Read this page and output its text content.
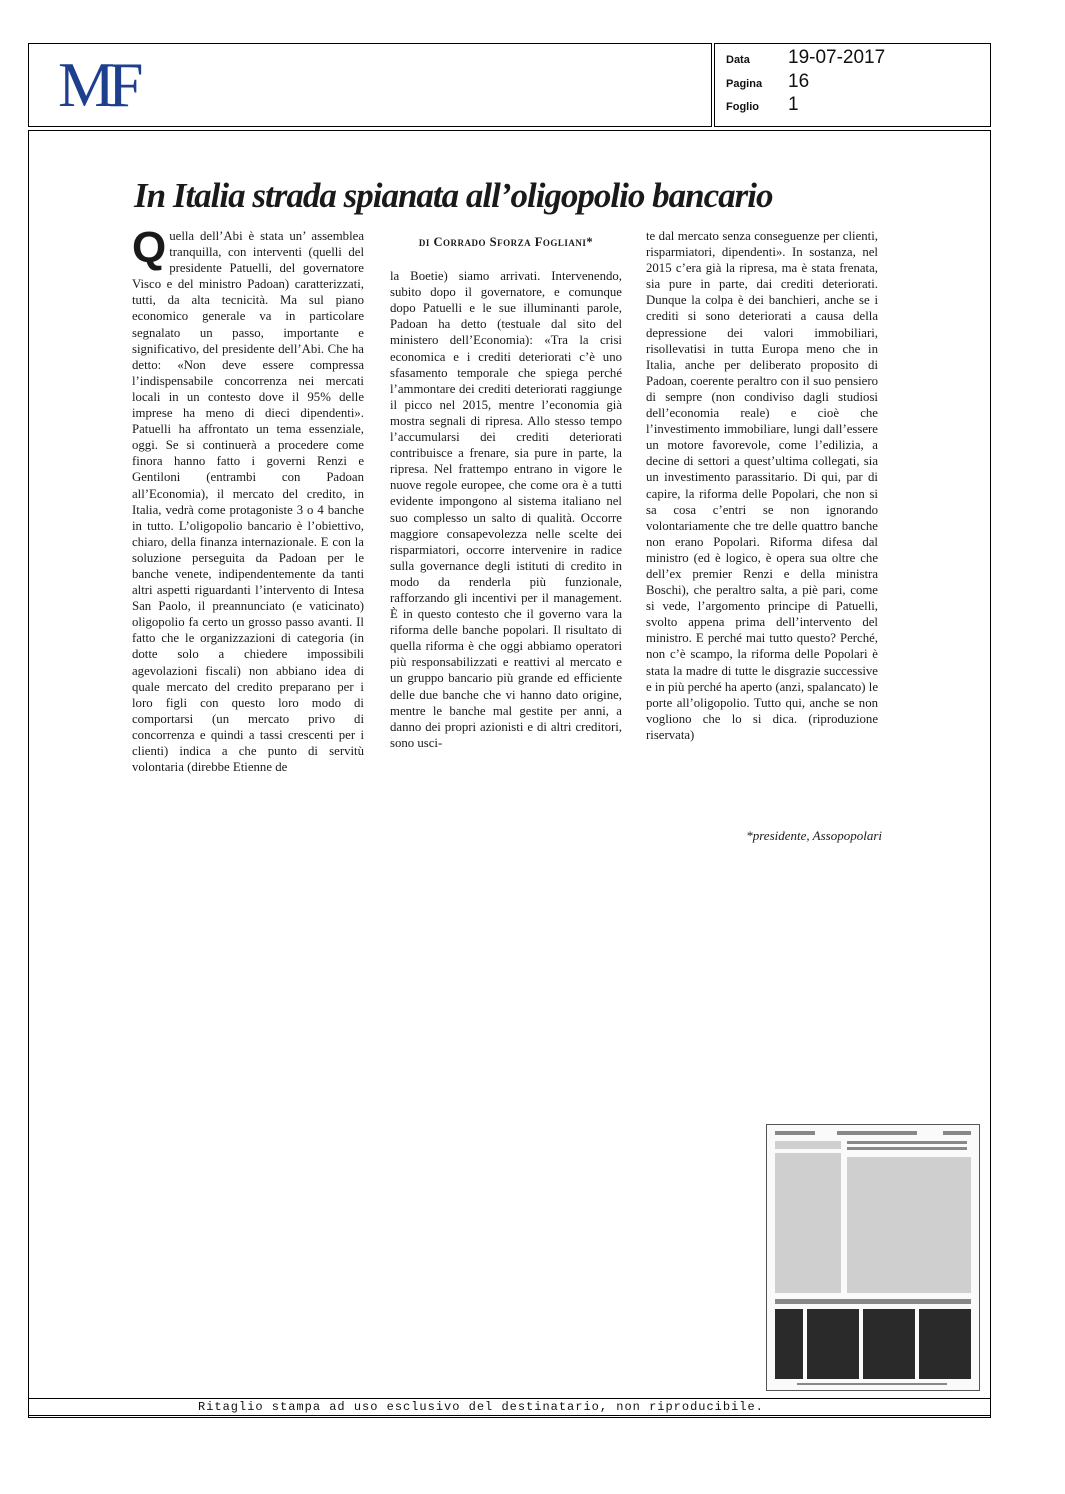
MF	Data 19-07-2017
Pagina 16
Foglio 1
In Italia strada spianata all’oligopolio bancario
Quella dell’Abi è stata un’ assemblea tranquilla, con interventi (quelli del presidente Patuelli, del governatore Visco e del ministro Padoan) caratterizzati, tutti, da alta tecnicità. Ma sul piano economico generale va in particolare segnalato un passo, importante e significativo, del presidente dell’Abi. Che ha detto: «Non deve essere compressa l’indispensabile concorrenza nei mercati locali in un contesto dove il 95% delle imprese ha meno di dieci dipendenti». Patuelli ha affrontato un tema essenziale, oggi. Se si continuerà a procedere come finora hanno fatto i governi Renzi e Gentiloni (entrambi con Padoan all’Economia), il mercato del credito, in Italia, vedrà come protagoniste 3 o 4 banche in tutto. L’oligopolio bancario è l’obiettivo, chiaro, della finanza internazionale. E con la soluzione perseguita da Padoan per le banche venete, indipendentemente da tanti altri aspetti riguardanti l’intervento di Intesa San Paolo, il preannunciato (e vaticinato) oligopolio fa certo un grosso passo avanti. Il fatto che le organizzazioni di categoria (in dotte solo a chiedere impossibili agevolazioni fiscali) non abbiano idea di quale mercato del credito preparano per i loro figli con questo loro modo di comportarsi (un mercato privo di concorrenza e quindi a tassi crescenti per i clienti) indica a che punto di servitù volontaria (direbbe Etienne de
di Corrado Sforza Fogliani*
la Boetie) siamo arrivati. Intervenendo, subito dopo il governatore, e comunque dopo Patuelli e le sue illuminanti parole, Padoan ha detto (testuale dal sito del ministero dell’Economia): «Tra la crisi economica e i crediti deteriorati c’è uno sfasamento temporale che spiega perché l’ammontare dei crediti deteriorati raggiunge il picco nel 2015, mentre l’economia già mostra segnali di ripresa. Allo stesso tempo l’accumularsi dei crediti deteriorati contribuisce a frenare, sia pure in parte, la ripresa. Nel frattempo entrano in vigore le nuove regole europee, che come ora è a tutti evidente impongono al sistema italiano nel suo complesso un salto di qualità. Occorre maggiore consapevolezza nelle scelte dei risparmiatori, occorre intervenire in radice sulla governance degli istituti di credito in modo da renderla più funzionale, rafforzando gli incentivi per il management. È in questo contesto che il governo vara la riforma delle banche popolari. Il risultato di quella riforma è che oggi abbiamo operatori più responsabilizzati e reattivi al mercato e un gruppo bancario più grande ed efficiente delle due banche che vi hanno dato origine, mentre le banche mal gestite per anni, a danno dei propri azionisti e di altri creditori, sono usci-
te dal mercato senza conseguenze per clienti, risparmiatori, dipendenti». In sostanza, nel 2015 c’era già la ripresa, ma è stata frenata, sia pure in parte, dai crediti deteriorati. Dunque la colpa è dei banchieri, anche se i crediti si sono deteriorati a causa della depressione dei valori immobiliari, risollevatisi in tutta Europa meno che in Italia, anche per deliberato proposito di Padoan, coerente peraltro con il suo pensiero di sempre (non condiviso dagli studiosi dell’economia reale) e cioè che l’investimento immobiliare, lungi dall’essere un motore favorevole, come l’edilizia, a decine di settori a quest’ultima collegati, sia un investimento parassitario. Di qui, par di capire, la riforma delle Popolari, che non si sa cosa c’entri se non ignorando volontariamente che tre delle quattro banche non erano Popolari. Riforma difesa dal ministro (ed è logico, è opera sua oltre che dell’ex premier Renzi e della ministra Boschi), che peraltro salta, a piè pari, come si vede, l’argomento principe di Patuelli, svolto appena prima dell’intervento del ministro. E perché mai tutto questo? Perché, non c’è scampo, la riforma delle Popolari è stata la madre di tutte le disgrazie successive e in più perché ha aperto (anzi, spalancato) le porte all’oligopolio. Tutto qui, anche se non vogliono che lo si dica. (riproduzione riservata)
*presidente, Assopopolari
Ritaglio stampa ad uso esclusivo del destinatario, non riproducibile.
